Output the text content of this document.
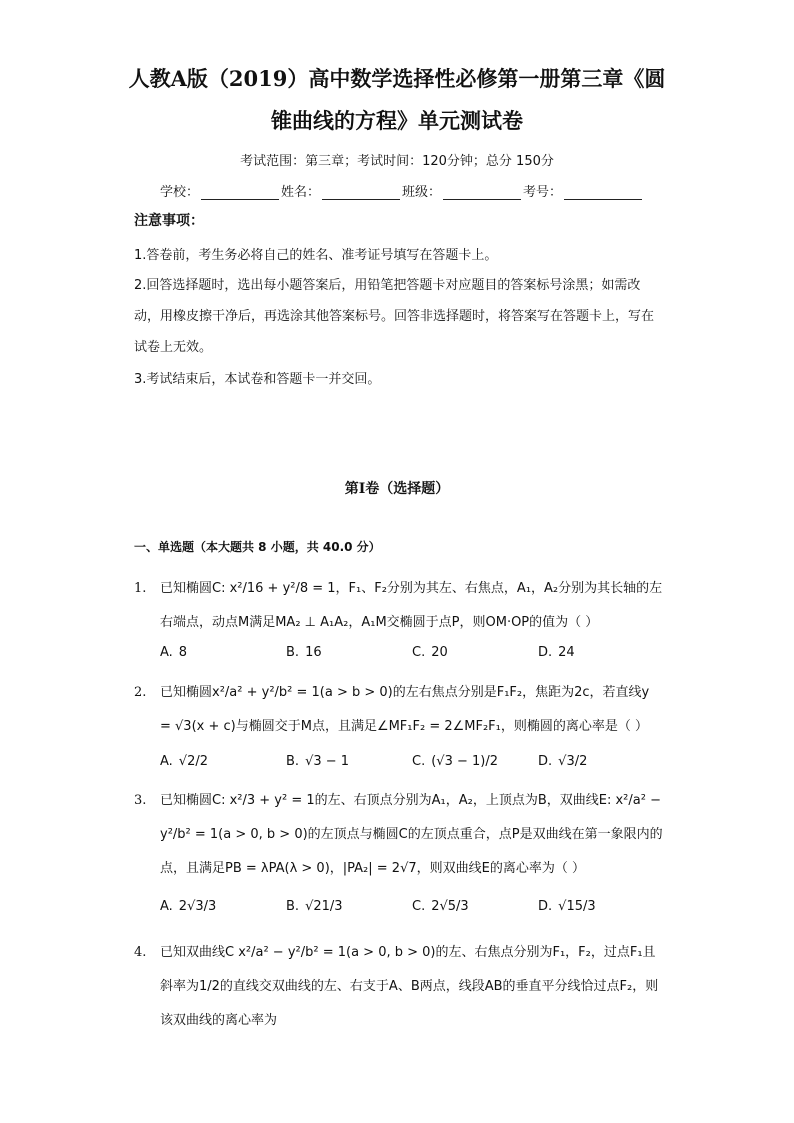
人教A版（2019）高中数学选择性必修第一册第三章《圆
锥曲线的方程》单元测试卷
考试范围：第三章；考试时间：120分钟；总分 150分
学校：	姓名：	班级：	考号：
注意事项：
1.答卷前，考生务必将自己的姓名、准考证号填写在答题卡上。
2.回答选择题时，选出每小题答案后，用铅笔把答题卡对应题目的答案标号涂黑；如需改动，用橡皮擦干净后，再选涂其他答案标号。回答非选择题时，将答案写在答题卡上，写在试卷上无效。
3.考试结束后，本试卷和答题卡一并交回。
第I卷（选择题）
一、单选题（本大题共 8 小题，共 40.0 分）
1. 已知椭圆C: x²/16 + y²/8 = 1，F₁、F₂分别为其左、右焦点，A₁，A₂分别为其长轴的左右端点，动点M满足MA₂ ⊥ A₁A₂，A₁M交椭圆于点P，则OM·OP的值为（ ）
A. 8	B. 16	C. 20	D. 24
2. 已知椭圆x²/a² + y²/b² = 1(a > b > 0)的左右焦点分别是F₁F₂，焦距为2c，若直线y = √3(x + c)与椭圆交于M点，且满足∠MF₁F₂ = 2∠MF₂F₁，则椭圆的离心率是（ ）
A. √2/2	B. √3 − 1	C. (√3 − 1)/2	D. √3/2
3. 已知椭圆C: x²/3 + y² = 1的左、右顶点分别为A₁，A₂，上顶点为B，双曲线E: x²/a² − y²/b² = 1(a > 0, b > 0)的左顶点与椭圆C的左顶点重合，点P是双曲线在第一象限内的点，且满足PB = λPA(λ > 0)，|PA₂| = 2√7，则双曲线E的离心率为（ ）
A. 2√3/3	B. √21/3	C. 2√5/3	D. √15/3
4. 已知双曲线C x²/a² − y²/b² = 1(a > 0, b > 0)的左、右焦点分别为F₁，F₂，过点F₁且斜率为1/2的直线交双曲线的左、右支于A、B两点，线段AB的垂直平分线恰过点F₂，则该双曲线的离心率为
